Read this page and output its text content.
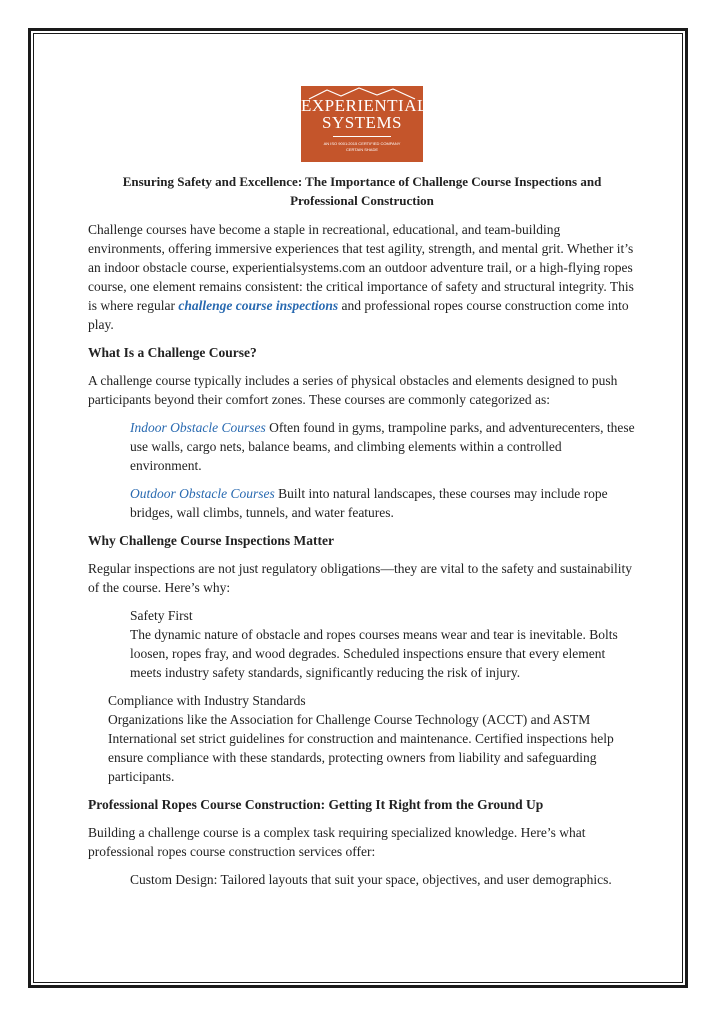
EXPERIENTIAL
SYSTEMS
AN ISO 9001:2015 CERTIFIED COMPANY
CERTAIN SHADE
Ensuring Safety and Excellence: The Importance of Challenge Course Inspections and Professional Construction

Challenge courses have become a staple in recreational, educational, and team-building environments, offering immersive experiences that test agility, strength, and mental grit. Whether it’s an indoor obstacle course, experientialsystems.com an outdoor adventure trail, or a high-flying ropes course, one element remains consistent: the critical importance of safety and structural integrity. This is where regular challenge course inspections and professional ropes course construction come into play.

What Is a Challenge Course?

A challenge course typically includes a series of physical obstacles and elements designed to push participants beyond their comfort zones. These courses are commonly categorized as:

Indoor Obstacle Courses Often found in gyms, trampoline parks, and adventurecenters, these use walls, cargo nets, balance beams, and climbing elements within a controlled environment.

Outdoor Obstacle Courses Built into natural landscapes, these courses may include rope bridges, wall climbs, tunnels, and water features.

Why Challenge Course Inspections Matter

Regular inspections are not just regulatory obligations—they are vital to the safety and sustainability of the course. Here’s why:

Safety First
The dynamic nature of obstacle and ropes courses means wear and tear is inevitable. Bolts loosen, ropes fray, and wood degrades. Scheduled inspections ensure that every element meets industry safety standards, significantly reducing the risk of injury.

Compliance with Industry Standards
Organizations like the Association for Challenge Course Technology (ACCT) and ASTM International set strict guidelines for construction and maintenance. Certified inspections help ensure compliance with these standards, protecting owners from liability and safeguarding participants.

Professional Ropes Course Construction: Getting It Right from the Ground Up

Building a challenge course is a complex task requiring specialized knowledge. Here’s what professional ropes course construction services offer:

Custom Design: Tailored layouts that suit your space, objectives, and user demographics.
